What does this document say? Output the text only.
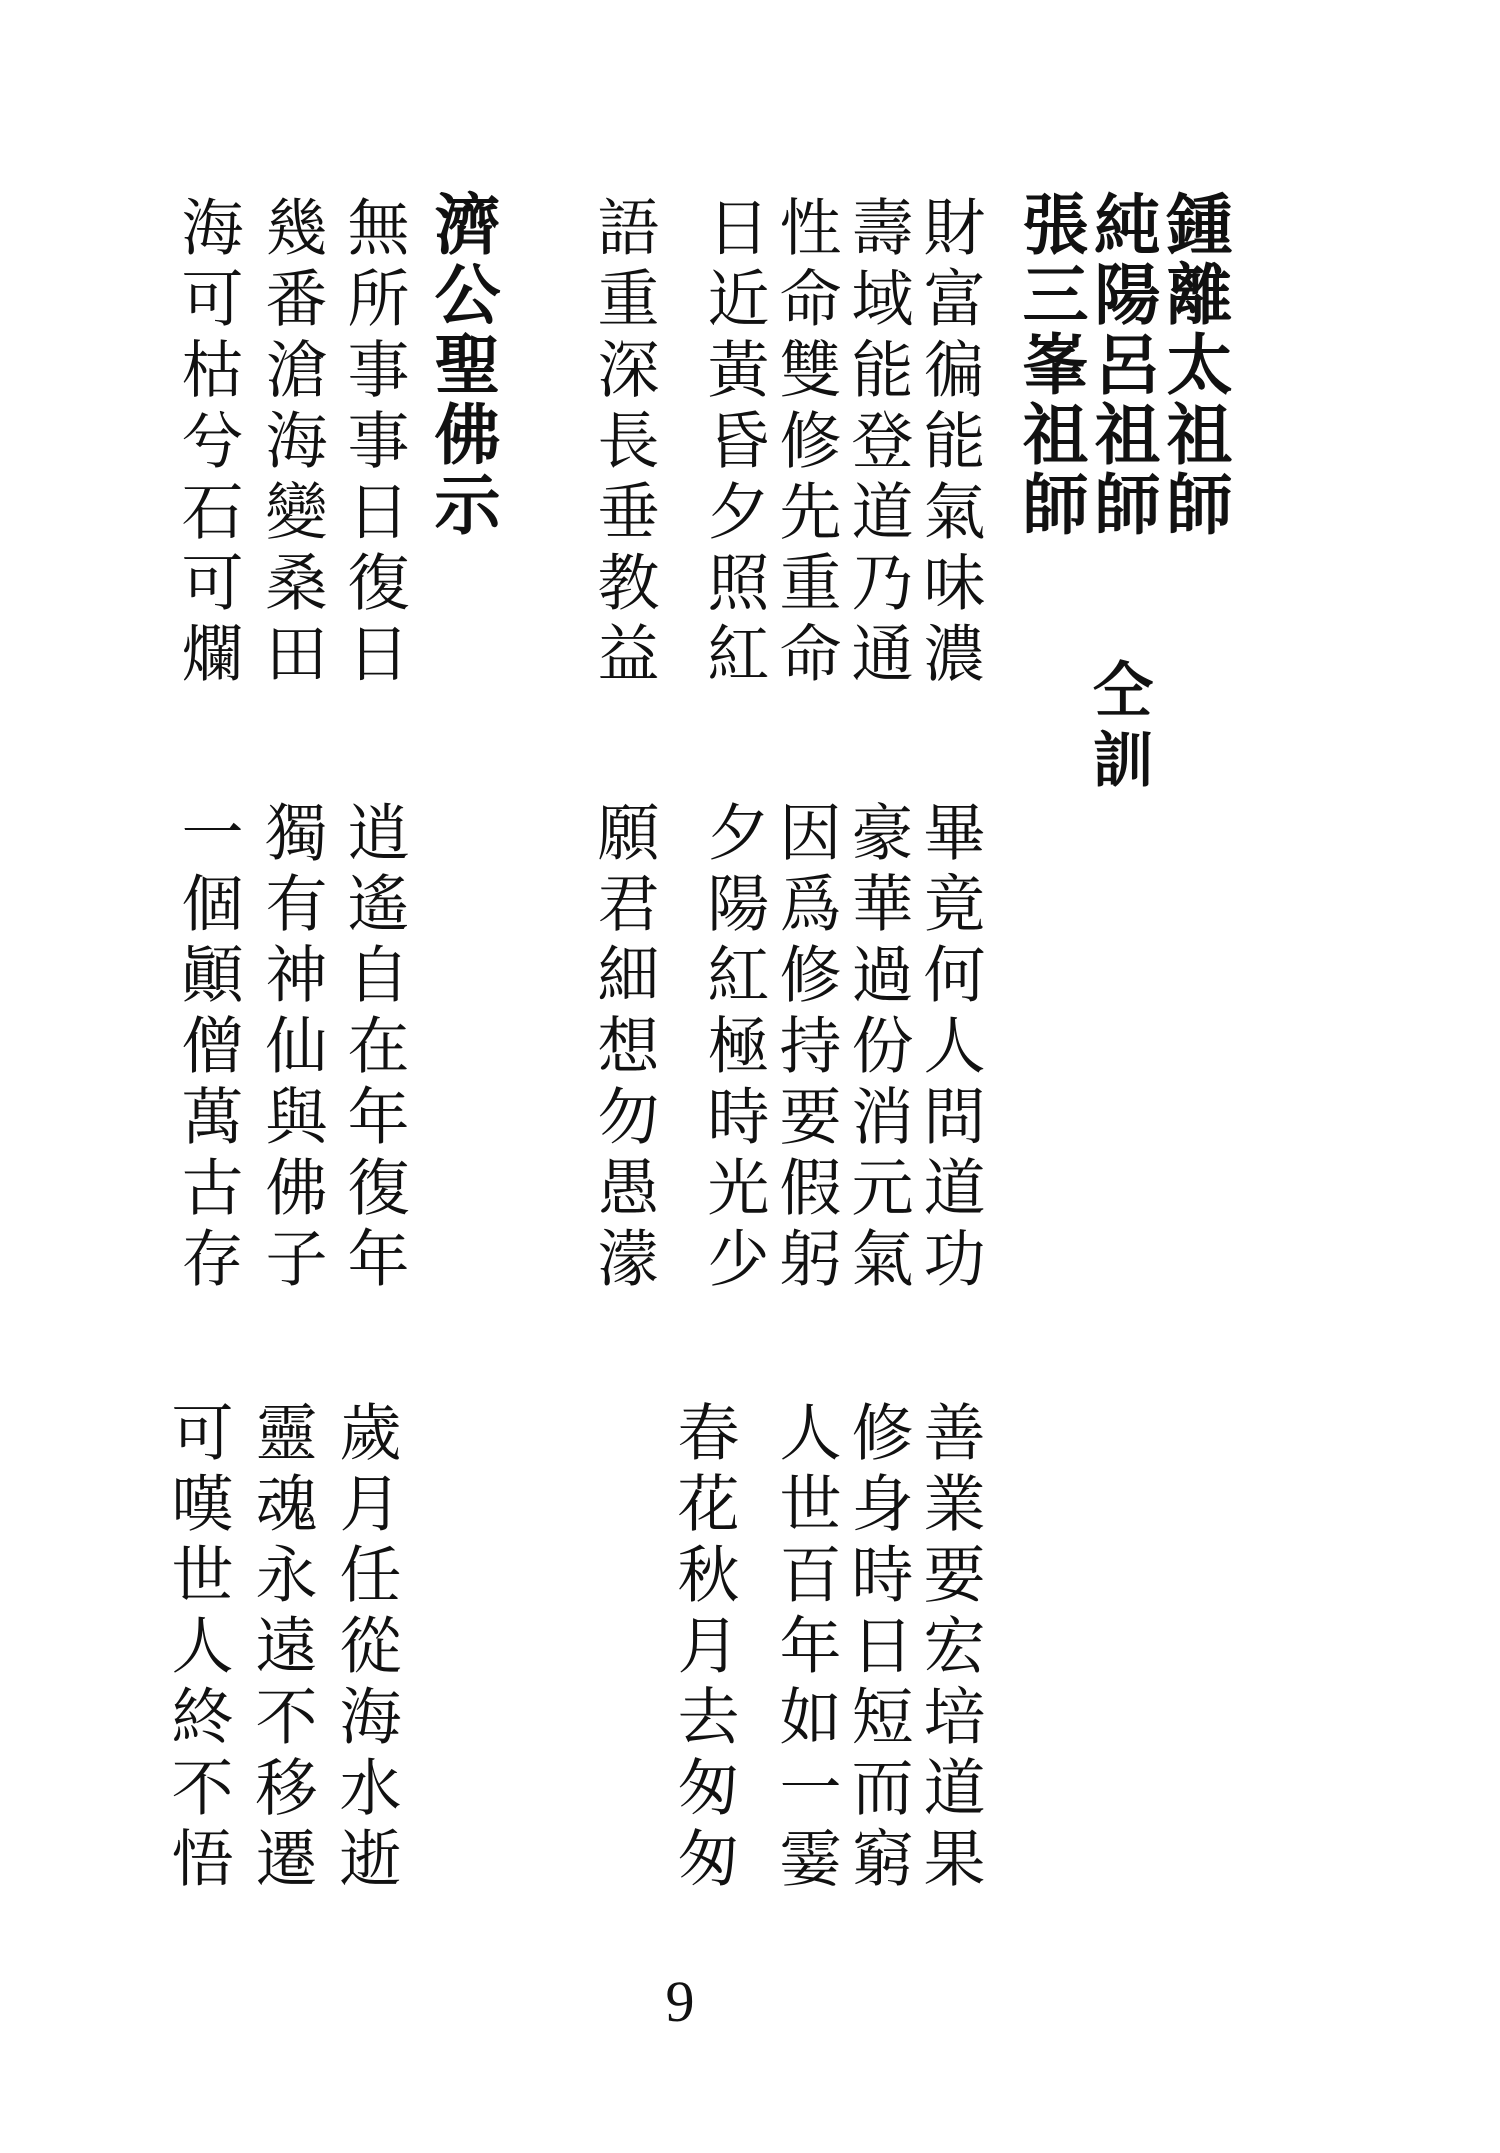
鍾離太祖師
純陽呂祖師
張三峯祖師
仝訓
財富徧能氣味濃
壽域能登道乃通
性命雙修先重命
日近黃昏夕照紅
語重深長垂教益
畢竟何人問道功
豪華過份消元氣
因爲修持要假躬
夕陽紅極時光少
願君細想勿愚濛
善業要宏培道果
修身時日短而窮
人世百年如一霎
春花秋月去匆匆
濟公聖佛示
無所事事日復日
幾番滄海變桑田
海可枯兮石可爛
逍遙自在年復年
獨有神仙與佛子
一個顚僧萬古存
歲月任從海水逝
靈魂永遠不移遷
可嘆世人終不悟

9
